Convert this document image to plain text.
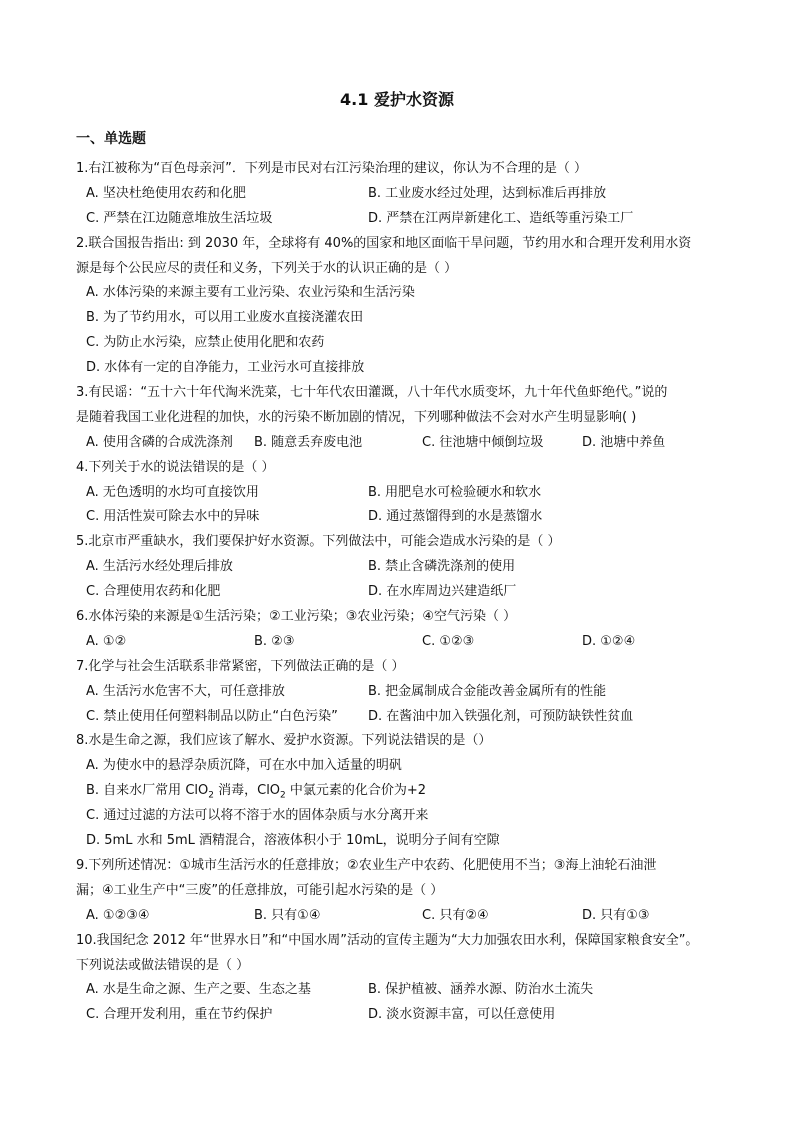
4.1 爱护水资源
一、单选题
1.右江被称为“百色母亲河”．下列是市民对右江污染治理的建议，你认为不合理的是（ ）
A. 坚决杜绝使用农药和化肥	B. 工业废水经过处理，达到标准后再排放
C. 严禁在江边随意堆放生活垃圾	D. 严禁在江两岸新建化工、造纸等重污染工厂
2.联合国报告指出: 到 2030 年，全球将有 40%的国家和地区面临干旱问题，节约用水和合理开发利用水资
源是每个公民应尽的责任和义务，下列关于水的认识正确的是（ ）
A. 水体污染的来源主要有工业污染、农业污染和生活污染
B. 为了节约用水，可以用工业废水直接浇灌农田
C. 为防止水污染，应禁止使用化肥和农药
D. 水体有一定的自净能力，工业污水可直接排放
3.有民谣：“五十六十年代淘米洗菜，七十年代农田灌溉，八十年代水质变坏，九十年代鱼虾绝代。”说的
是随着我国工业化进程的加快，水的污染不断加剧的情况，下列哪种做法不会对水产生明显影响( )
A. 使用含磷的合成洗涤剂 B. 随意丢弃废电池	C. 往池塘中倾倒垃圾	D. 池塘中养鱼
4.下列关于水的说法错误的是（ ）
A. 无色透明的水均可直接饮用	B. 用肥皂水可检验硬水和软水
C. 用活性炭可除去水中的异味	D. 通过蒸馏得到的水是蒸馏水
5.北京市严重缺水，我们要保护好水资源。下列做法中，可能会造成水污染的是（ ）
A. 生活污水经处理后排放	B. 禁止含磷洗涤剂的使用
C. 合理使用农药和化肥	D. 在水库周边兴建造纸厂
6.水体污染的来源是①生活污染；②工业污染；③农业污染；④空气污染（ ）
A. ①②	B. ②③	C. ①②③	D. ①②④
7.化学与社会生活联系非常紧密，下列做法正确的是（ ）
A. 生活污水危害不大，可任意排放	B. 把金属制成合金能改善金属所有的性能
C. 禁止使用任何塑料制品以防止“白色污染” D. 在酱油中加入铁强化剂，可预防缺铁性贫血
8.水是生命之源，我们应该了解水、爱护水资源。下列说法错误的是（）
A. 为使水中的悬浮杂质沉降，可在水中加入适量的明矾
B. 自来水厂常用 ClO$_2$ 消毒，ClO$_2$ 中氯元素的化合价为+2
C. 通过过滤的方法可以将不溶于水的固体杂质与水分离开来
D. 5mL 水和 5mL 酒精混合，溶液体积小于 10mL，说明分子间有空隙
9.下列所述情况：①城市生活污水的任意排放；②农业生产中农药、化肥使用不当；③海上油轮石油泄
漏；④工业生产中“三废”的任意排放，可能引起水污染的是（ ）
A. ①②③④	B. 只有①④	C. 只有②④	D. 只有①③
10.我国纪念 2012 年“世界水日”和“中国水周”活动的宣传主题为“大力加强农田水利，保障国家粮食安全”。
下列说法或做法错误的是（ ）
A. 水是生命之源、生产之要、生态之基	B. 保护植被、涵养水源、防治水土流失
C. 合理开发利用，重在节约保护	D. 淡水资源丰富，可以任意使用
